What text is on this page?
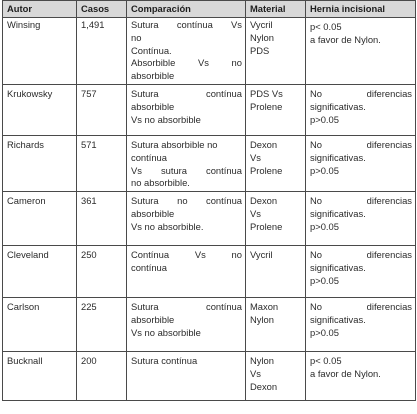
Autor	Casos	Comparación	Material	Hernia incisional
Winsing	1,491	Sutura contínua Vs
no
Contínua.
Absorbible Vs no
absorbible	Vycril
Nylon
PDS	p< 0.05
a favor de Nylon.

Krukowsky	757	Sutura contínua
absorbible
Vs no absorbible	PDS Vs
Prolene	No diferencias
significativas.
p>0.05

Richards	571	Sutura absorbible no
contínua
Vs sutura contínua
no absorbible.	Dexon
Vs
Prolene	No diferencias
significativas.
p>0.05

Cameron	361	Sutura no contínua
absorbible
Vs no absorbible.	Dexon
Vs
Prolene	No diferencias
significativas.
p>0.05

Cleveland	250	Contínua Vs no
contínua	Vycril	No diferencias
significativas.
p>0.05

Carlson	225	Sutura contínua
absorbible
Vs no absorbible	Maxon
Nylon	No diferencias
significativas.
p>0.05

Bucknall	200	Sutura contínua	Nylon
Vs
Dexon	p< 0.05
a favor de Nylon.
